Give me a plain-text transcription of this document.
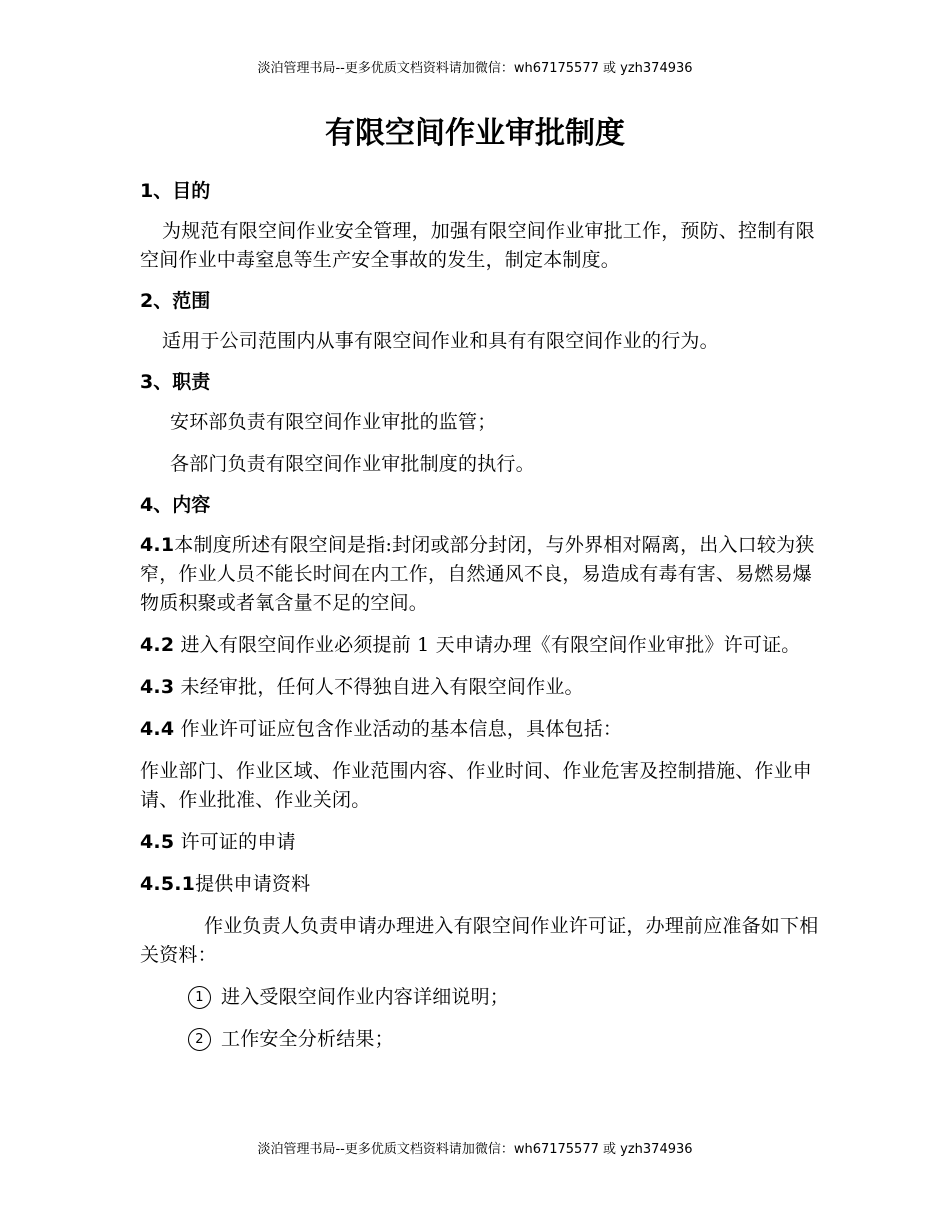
淡泊管理书局--更多优质文档资料请加微信：wh67175577 或 yzh374936
有限空间作业审批制度
1、目的
为规范有限空间作业安全管理，加强有限空间作业审批工作，预防、控制有限空间作业中毒窒息等生产安全事故的发生，制定本制度。
2、范围
适用于公司范围内从事有限空间作业和具有有限空间作业的行为。
3、职责
安环部负责有限空间作业审批的监管；
各部门负责有限空间作业审批制度的执行。
4、内容
4.1本制度所述有限空间是指:封闭或部分封闭，与外界相对隔离，出入口较为狭窄，作业人员不能长时间在内工作，自然通风不良，易造成有毒有害、易燃易爆物质积聚或者氧含量不足的空间。
4.2 进入有限空间作业必须提前 1 天申请办理《有限空间作业审批》许可证。
4.3 未经审批，任何人不得独自进入有限空间作业。
4.4 作业许可证应包含作业活动的基本信息，具体包括：
作业部门、作业区域、作业范围内容、作业时间、作业危害及控制措施、作业申请、作业批准、作业关闭。
4.5 许可证的申请
4.5.1提供申请资料
作业负责人负责申请办理进入有限空间作业许可证，办理前应准备如下相关资料：
1 进入受限空间作业内容详细说明；
2 工作安全分析结果；
淡泊管理书局--更多优质文档资料请加微信：wh67175577 或 yzh374936
